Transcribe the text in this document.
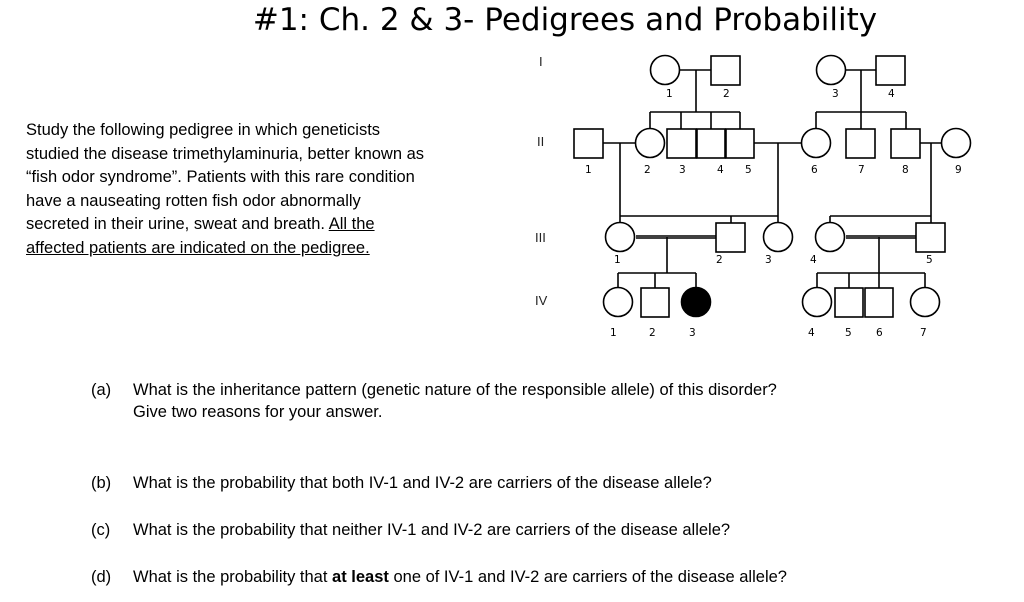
#1: Ch. 2 & 3- Pedigrees and Probability
Study the following pedigree in which geneticists
studied the disease trimethylaminuria, better known as
“fish odor syndrome”. Patients with this rare condition
have a nauseating rotten fish odor abnormally
secreted in their urine, sweat and breath. All the
affected patients are indicated on the pedigree.
I
II
III
IV
1	2	3	4
1	2	3	4 5	6	7	8	9
1	2	3	4	5
1	2	3	4	5 6	7
(a) What is the inheritance pattern (genetic nature of the responsible allele) of this disorder?
Give two reasons for your answer.
(b) What is the probability that both IV-1 and IV-2 are carriers of the disease allele?
(c) What is the probability that neither IV-1 and IV-2 are carriers of the disease allele?
(d) What is the probability that at least one of IV-1 and IV-2 are carriers of the disease allele?
